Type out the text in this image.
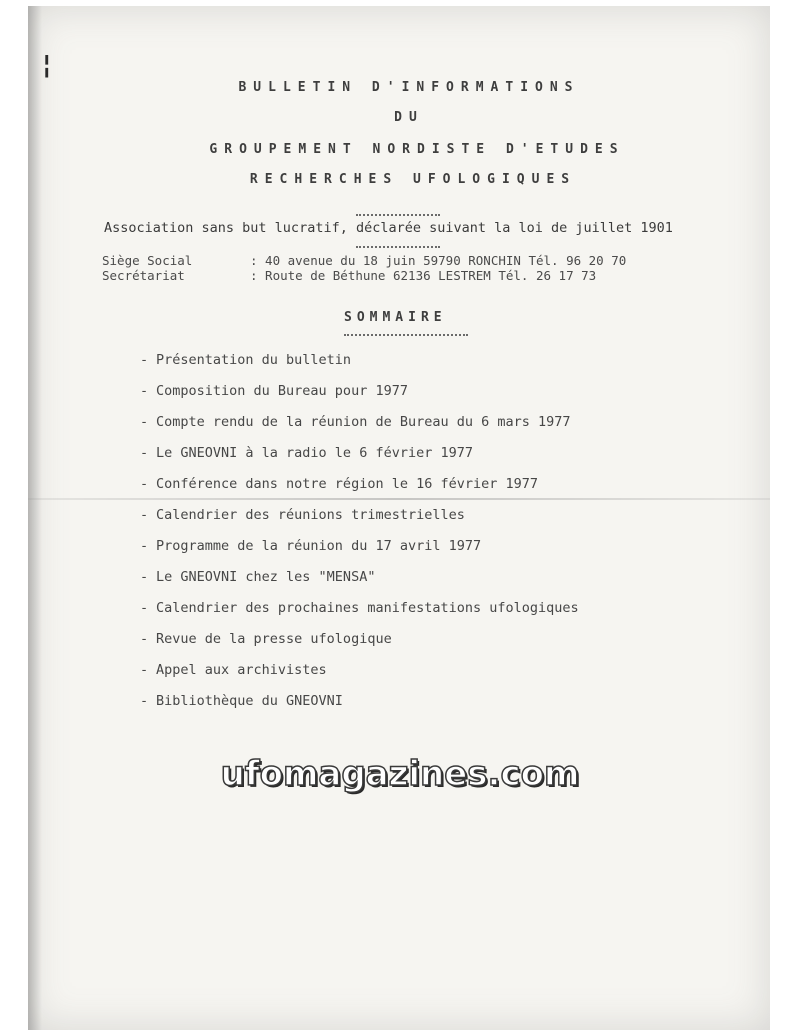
¦
BULLETIN D'INFORMATIONS
DU
GROUPEMENT NORDISTE D'ETUDES
RECHERCHES UFOLOGIQUES
Association sans but lucratif, déclarée suivant la loi de juillet 1901
Siège Social	: 40 avenue du 18 juin 59790 RONCHIN Tél. 96 20 70
Secrétariat	: Route de Béthune 62136 LESTREM Tél. 26 17 73
SOMMAIRE
- Présentation du bulletin
- Composition du Bureau pour 1977
- Compte rendu de la réunion de Bureau du 6 mars 1977
- Le GNEOVNI à la radio le 6 février 1977
- Conférence dans notre région le 16 février 1977
- Calendrier des réunions trimestrielles
- Programme de la réunion du 17 avril 1977
- Le GNEOVNI chez les "MENSA"
- Calendrier des prochaines manifestations ufologiques
- Revue de la presse ufologique
- Appel aux archivistes
- Bibliothèque du GNEOVNI
ufomagazines.com
